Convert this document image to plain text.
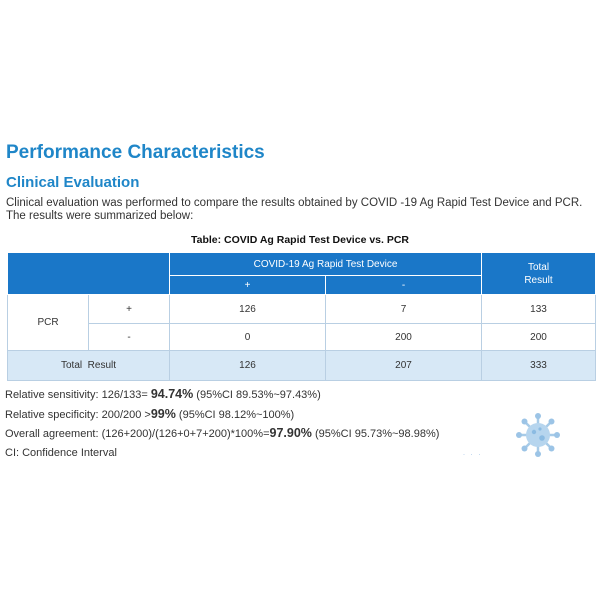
Performance Characteristics
Clinical Evaluation
Clinical evaluation was performed to compare the results obtained by COVID -19 Ag Rapid Test Device and PCR.
The results were summarized below:
Table: COVID Ag Rapid Test Device vs. PCR
		COVID-19 Ag Rapid Test Device		Total Result

		+	-	
PCR	+	126	7	133
	-	0	200	200
Total  Result		126	207	333
Relative sensitivity: 126/133= 94.74% (95%CI 89.53%~97.43%)
Relative specificity: 200/200 >99% (95%CI 98.12%~100%)
Overall agreement: (126+200)/(126+0+7+200)*100%=97.90% (95%CI 95.73%~98.98%)
CI: Confidence Interval	· · ·
